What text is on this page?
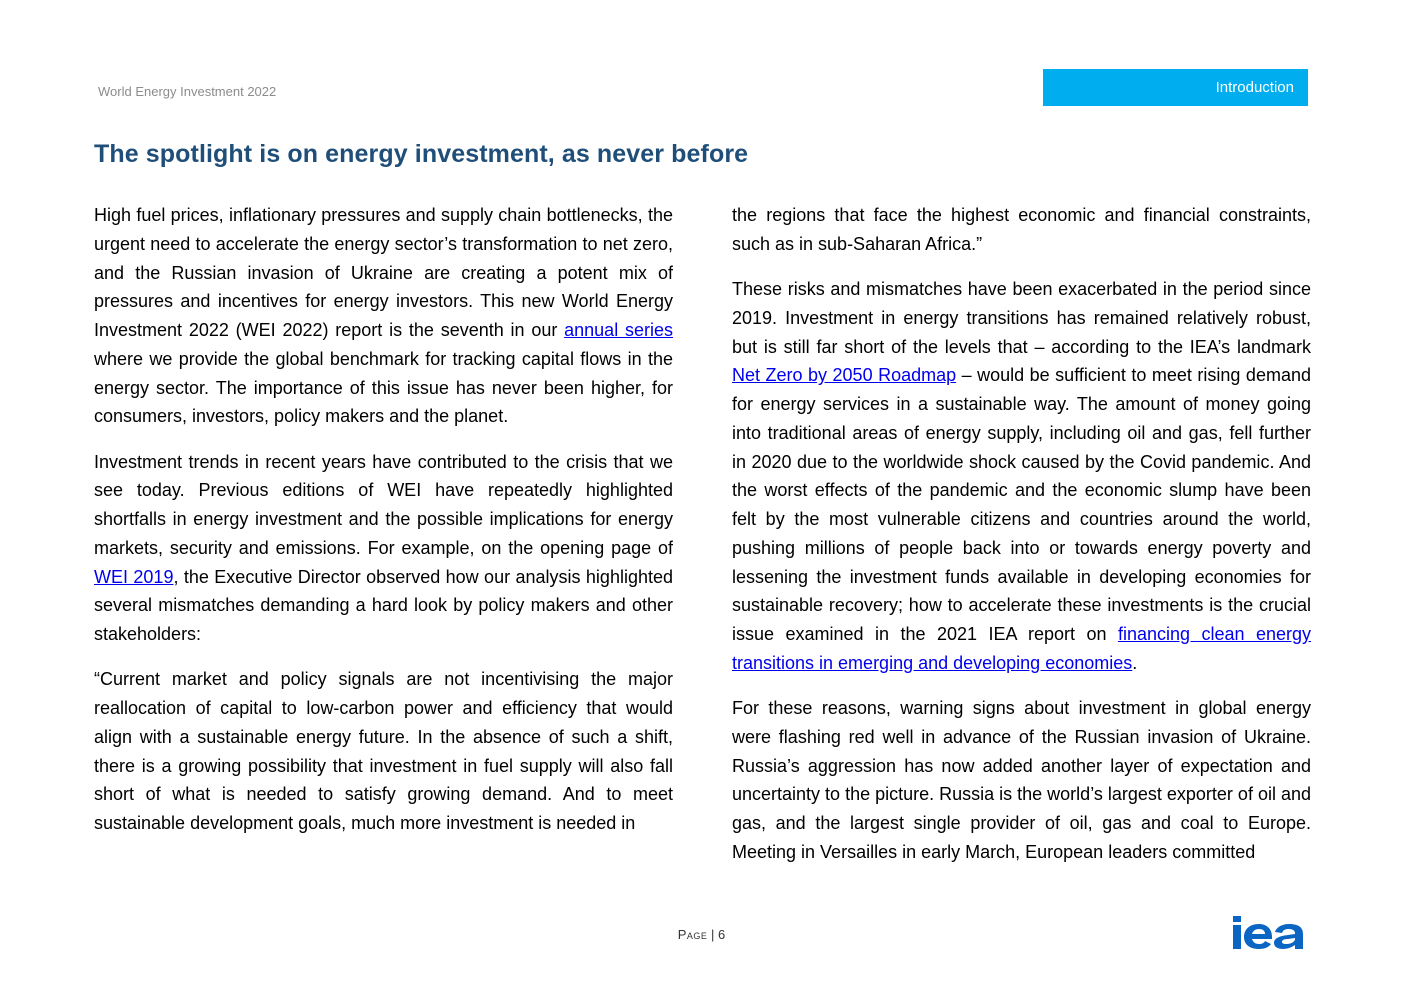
World Energy Investment 2022	Introduction
The spotlight is on energy investment, as never before

High fuel prices, inflationary pressures and supply chain bottlenecks, the urgent need to accelerate the energy sector’s transformation to net zero, and the Russian invasion of Ukraine are creating a potent mix of pressures and incentives for energy investors. This new World Energy Investment 2022 (WEI 2022) report is the seventh in our annual series where we provide the global benchmark for tracking capital flows in the energy sector. The importance of this issue has never been higher, for consumers, investors, policy makers and the planet.

Investment trends in recent years have contributed to the crisis that we see today. Previous editions of WEI have repeatedly highlighted shortfalls in energy investment and the possible implications for energy markets, security and emissions. For example, on the opening page of WEI 2019, the Executive Director observed how our analysis highlighted several mismatches demanding a hard look by policy makers and other stakeholders:

“Current market and policy signals are not incentivising the major reallocation of capital to low-carbon power and efficiency that would align with a sustainable energy future. In the absence of such a shift, there is a growing possibility that investment in fuel supply will also fall short of what is needed to satisfy growing demand. And to meet sustainable development goals, much more investment is needed in

the regions that face the highest economic and financial constraints, such as in sub-Saharan Africa.”

These risks and mismatches have been exacerbated in the period since 2019. Investment in energy transitions has remained relatively robust, but is still far short of the levels that – according to the IEA’s landmark Net Zero by 2050 Roadmap – would be sufficient to meet rising demand for energy services in a sustainable way. The amount of money going into traditional areas of energy supply, including oil and gas, fell further in 2020 due to the worldwide shock caused by the Covid pandemic. And the worst effects of the pandemic and the economic slump have been felt by the most vulnerable citizens and countries around the world, pushing millions of people back into or towards energy poverty and lessening the investment funds available in developing economies for sustainable recovery; how to accelerate these investments is the crucial issue examined in the 2021 IEA report on financing clean energy transitions in emerging and developing economies.

For these reasons, warning signs about investment in global energy were flashing red well in advance of the Russian invasion of Ukraine. Russia’s aggression has now added another layer of expectation and uncertainty to the picture. Russia is the world’s largest exporter of oil and gas, and the largest single provider of oil, gas and coal to Europe. Meeting in Versailles in early March, European leaders committed

Page | 6
